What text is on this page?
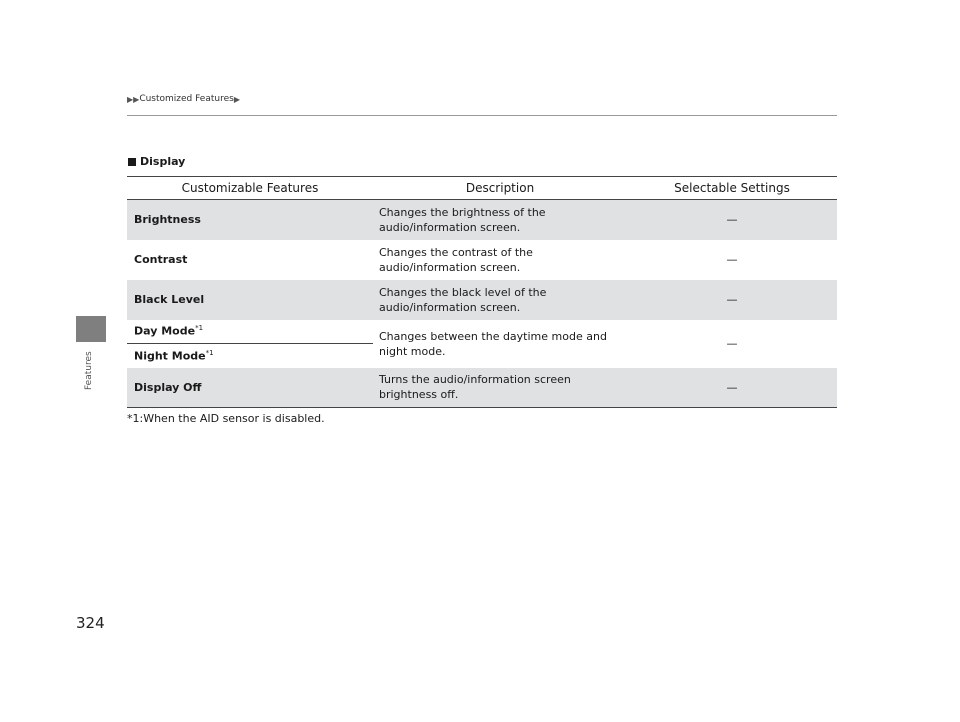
▶▶ Customized Features ▶
Features
Display
Customizable Features	Description	Selectable Settings
Brightness	Changes the brightness of the audio/information screen.	—
Contrast	Changes the contrast of the audio/information screen.	—
Black Level	Changes the black level of the audio/information screen.	—
Day Mode$^{*1}$	Changes between the daytime mode and night mode.	—
Night Mode$^{*1}$
Display Off	Turns the audio/information screen brightness off.	—
*1:When the AID sensor is disabled.
324
